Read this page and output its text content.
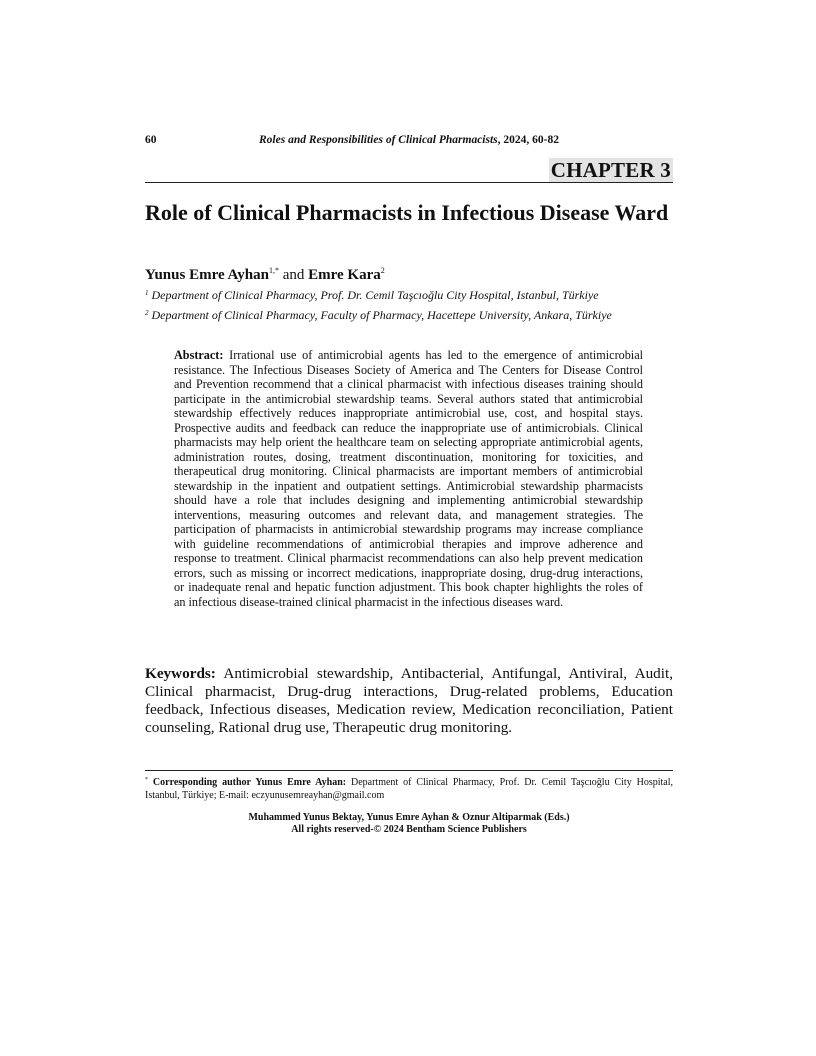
60	Roles and Responsibilities of Clinical Pharmacists, 2024, 60-82
CHAPTER 3
Role of Clinical Pharmacists in Infectious Disease Ward
Yunus Emre Ayhan$^{1,*}$ and Emre Kara$^2$
$^1$ Department of Clinical Pharmacy, Prof. Dr. Cemil Taşcıoğlu City Hospital, Istanbul, Türkiye
$^2$ Department of Clinical Pharmacy, Faculty of Pharmacy, Hacettepe University, Ankara, Türkiye
Abstract: Irrational use of antimicrobial agents has led to the emergence of antimicrobial resistance. The Infectious Diseases Society of America and The Centers for Disease Control and Prevention recommend that a clinical pharmacist with infectious diseases training should participate in the antimicrobial stewardship teams. Several authors stated that antimicrobial stewardship effectively reduces inappropriate antimicrobial use, cost, and hospital stays. Prospective audits and feedback can reduce the inappropriate use of antimicrobials. Clinical pharmacists may help orient the healthcare team on selecting appropriate antimicrobial agents, administration routes, dosing, treatment discontinuation, monitoring for toxicities, and therapeutical drug monitoring. Clinical pharmacists are important members of antimicrobial stewardship in the inpatient and outpatient settings. Antimicrobial stewardship pharmacists should have a role that includes designing and implementing antimicrobial stewardship interventions, measuring outcomes and relevant data, and management strategies. The participation of pharmacists in antimicrobial stewardship programs may increase compliance with guideline recommendations of antimicrobial therapies and improve adherence and response to treatment. Clinical pharmacist recommendations can also help prevent medication errors, such as missing or incorrect medications, inappropriate dosing, drug-drug interactions, or inadequate renal and hepatic function adjustment. This book chapter highlights the roles of an infectious disease-trained clinical pharmacist in the infectious diseases ward.
Keywords: Antimicrobial stewardship, Antibacterial, Antifungal, Antiviral, Audit, Clinical pharmacist, Drug-drug interactions, Drug-related problems, Education feedback, Infectious diseases, Medication review, Medication reconciliation, Patient counseling, Rational drug use, Therapeutic drug monitoring.
* Corresponding author Yunus Emre Ayhan: Department of Clinical Pharmacy, Prof. Dr. Cemil Taşcıoğlu City Hospital, Istanbul, Türkiye; E-mail: eczyunusemreayhan@gmail.com
Muhammed Yunus Bektay, Yunus Emre Ayhan & Oznur Altiparmak (Eds.)
All rights reserved-© 2024 Bentham Science Publishers
